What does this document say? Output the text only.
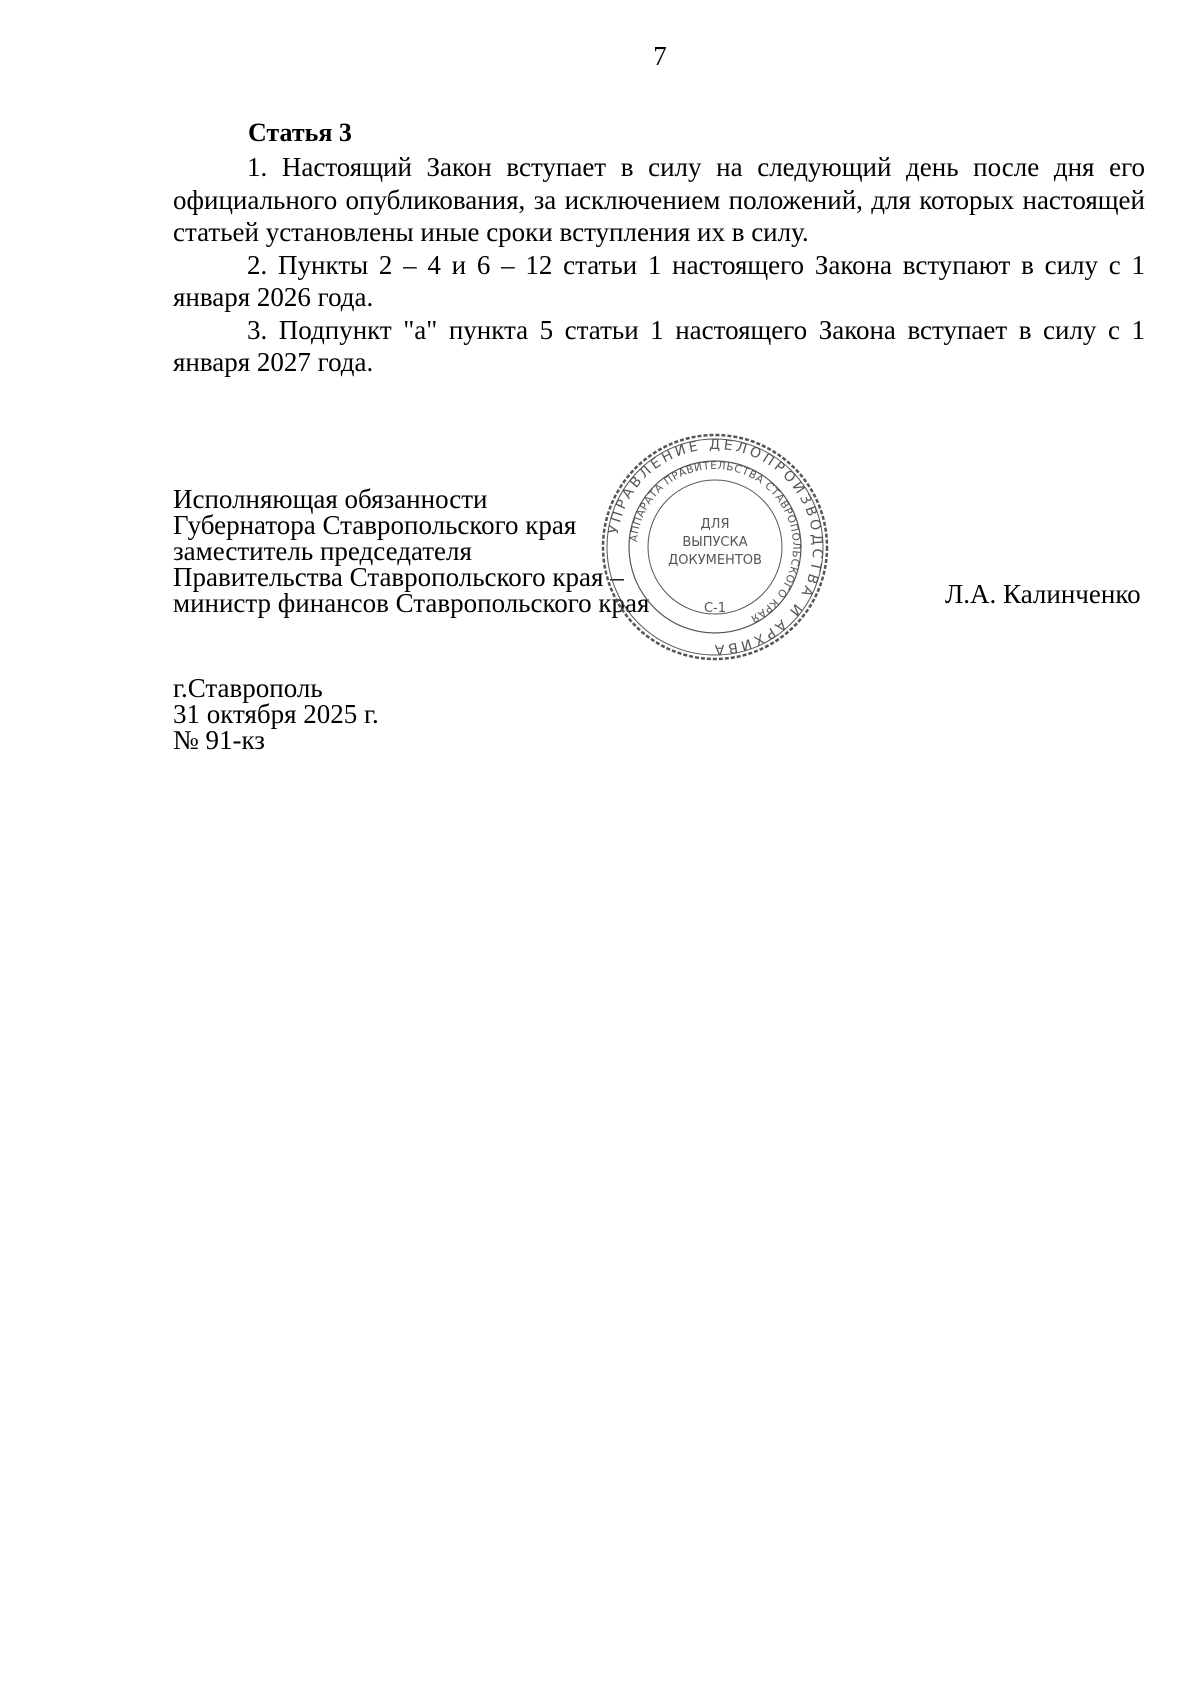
7
Статья 3

1. Настоящий Закон вступает в силу на следующий день после дня его официального опубликования, за исключением положений, для которых настоящей статьей установлены иные сроки вступления их в силу.

2. Пункты 2 – 4 и 6 – 12 статьи 1 настоящего Закона вступают в силу с 1 января 2026 года.

3. Подпункт "а" пункта 5 статьи 1 настоящего Закона вступает в силу с 1 января 2027 года.

Исполняющая обязанности
Губернатора Ставропольского края
заместитель председателя
Правительства Ставропольского края –
министр финансов Ставропольского края
УПРАВЛЕНИЕ ДЕЛОПРОИЗВОДСТВА И АРХИВА
АППАРАТА ПРАВИТЕЛЬСТВА СТАВРОПОЛЬСКОГО КРАЯ
ДЛЯ
ВЫПУСКА
ДОКУМЕНТОВ
С-1	Л.А. Калинченко
г.Ставрополь
31 октября 2025 г.
№ 91-кз
